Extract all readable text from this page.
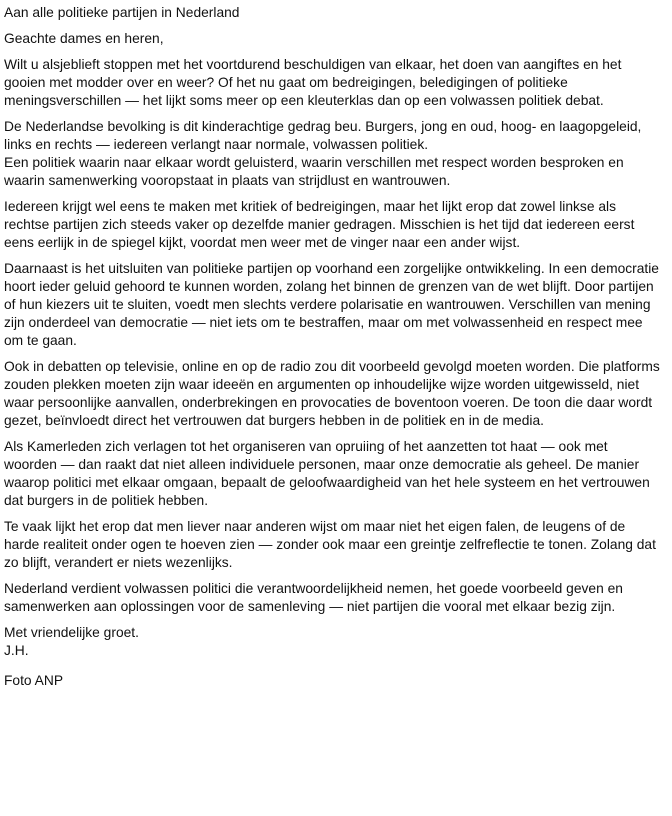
Aan alle politieke partijen in Nederland

Geachte dames en heren,

Wilt u alsjeblieft stoppen met het voortdurend beschuldigen van elkaar, het doen van aangiftes en het gooien met modder over en weer? Of het nu gaat om bedreigingen, beledigingen of politieke meningsverschillen — het lijkt soms meer op een kleuterklas dan op een volwassen politiek debat.

De Nederlandse bevolking is dit kinderachtige gedrag beu. Burgers, jong en oud, hoog- en laagopgeleid, links en rechts — iedereen verlangt naar normale, volwassen politiek.
Een politiek waarin naar elkaar wordt geluisterd, waarin verschillen met respect worden besproken en waarin samenwerking vooropstaat in plaats van strijdlust en wantrouwen.

Iedereen krijgt wel eens te maken met kritiek of bedreigingen, maar het lijkt erop dat zowel linkse als rechtse partijen zich steeds vaker op dezelfde manier gedragen. Misschien is het tijd dat iedereen eerst eens eerlijk in de spiegel kijkt, voordat men weer met de vinger naar een ander wijst.

Daarnaast is het uitsluiten van politieke partijen op voorhand een zorgelijke ontwikkeling. In een democratie hoort ieder geluid gehoord te kunnen worden, zolang het binnen de grenzen van de wet blijft. Door partijen of hun kiezers uit te sluiten, voedt men slechts verdere polarisatie en wantrouwen. Verschillen van mening zijn onderdeel van democratie — niet iets om te bestraffen, maar om met volwassenheid en respect mee om te gaan.

Ook in debatten op televisie, online en op de radio zou dit voorbeeld gevolgd moeten worden. Die platforms zouden plekken moeten zijn waar ideeën en argumenten op inhoudelijke wijze worden uitgewisseld, niet waar persoonlijke aanvallen, onderbrekingen en provocaties de boventoon voeren. De toon die daar wordt gezet, beïnvloedt direct het vertrouwen dat burgers hebben in de politiek en in de media.

Als Kamerleden zich verlagen tot het organiseren van opruiing of het aanzetten tot haat — ook met woorden — dan raakt dat niet alleen individuele personen, maar onze democratie als geheel. De manier waarop politici met elkaar omgaan, bepaalt de geloofwaardigheid van het hele systeem en het vertrouwen dat burgers in de politiek hebben.

Te vaak lijkt het erop dat men liever naar anderen wijst om maar niet het eigen falen, de leugens of de harde realiteit onder ogen te hoeven zien — zonder ook maar een greintje zelfreflectie te tonen. Zolang dat zo blijft, verandert er niets wezenlijks.

Nederland verdient volwassen politici die verantwoordelijkheid nemen, het goede voorbeeld geven en samenwerken aan oplossingen voor de samenleving — niet partijen die vooral met elkaar bezig zijn.

Met vriendelijke groet.

J.H.

Foto ANP
